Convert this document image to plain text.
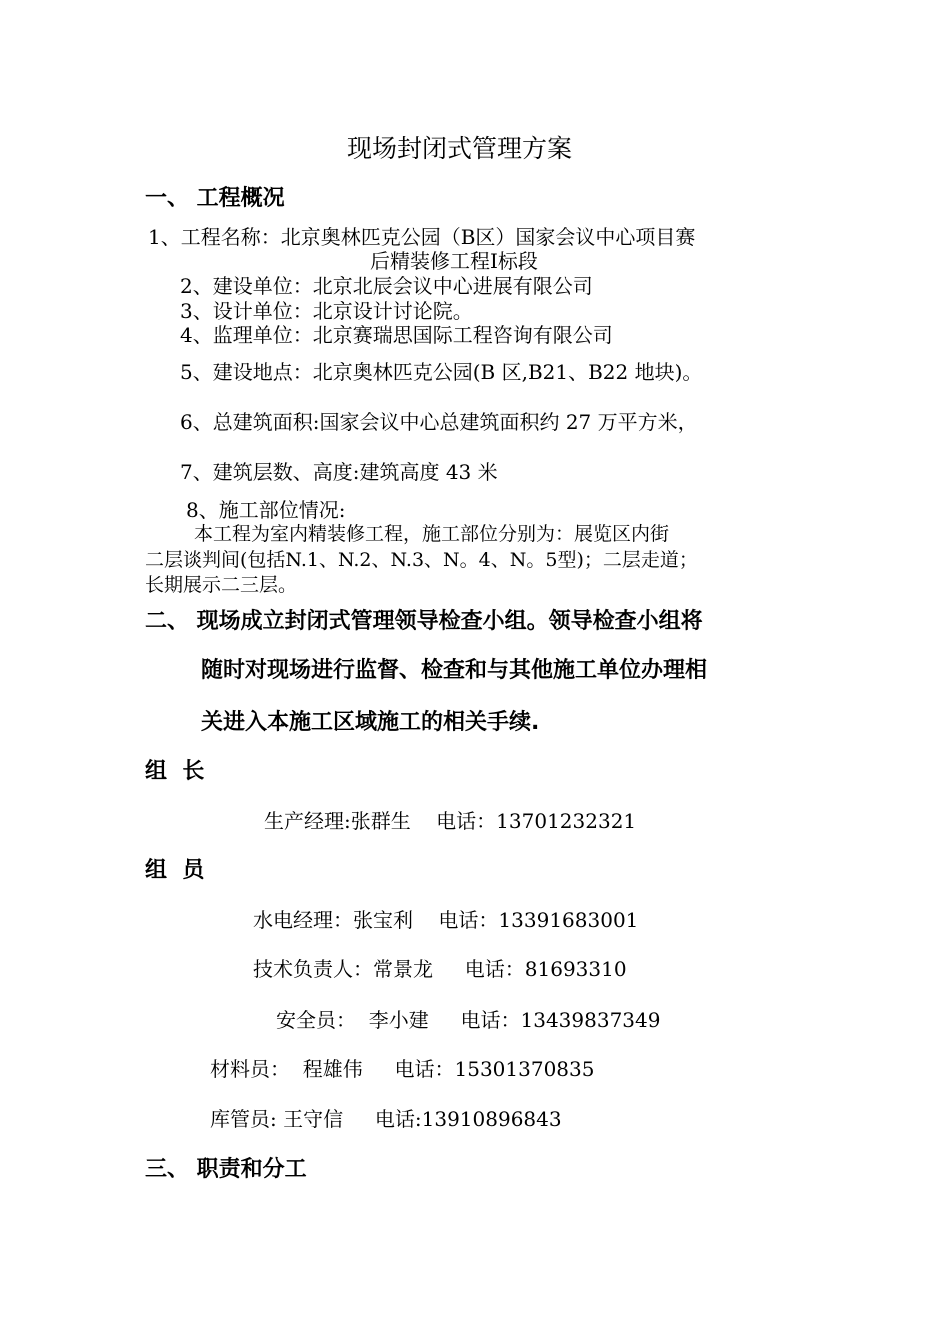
现场封闭式管理方案
一、 工程概况
1、工程名称：北京奥林匹克公园（B区）国家会议中心项目赛
后精装修工程Ⅰ标段
2、建设单位：北京北辰会议中心进展有限公司
3、设计单位：北京设计讨论院。
4、监理单位：北京赛瑞思国际工程咨询有限公司
5、建设地点：北京奥林匹克公园(B 区,B21、B22 地块)。
6、总建筑面积:国家会议中心总建筑面积约 27 万平方米，
7、建筑层数、高度:建筑高度 43 米
8、施工部位情况:
本工程为室内精装修工程，施工部位分别为：展览区内街
二层谈判间(包括N.1、N.2、N.3、N。4、N。5型)；二层走道；
长期展示二三层。
二、 现场成立封闭式管理领导检查小组。领导检查小组将
随时对现场进行监督、检查和与其他施工单位办理相
关进入本施工区域施工的相关手续.
组  长
生产经理:张群生    电话：13701232321
组  员
水电经理：张宝利    电话：13391683001
技术负责人：常景龙     电话：81693310
安全员：  李小建     电话：13439837349
材料员：  程雄伟     电话：15301370835
库管员: 王守信     电话:13910896843
三、 职责和分工
